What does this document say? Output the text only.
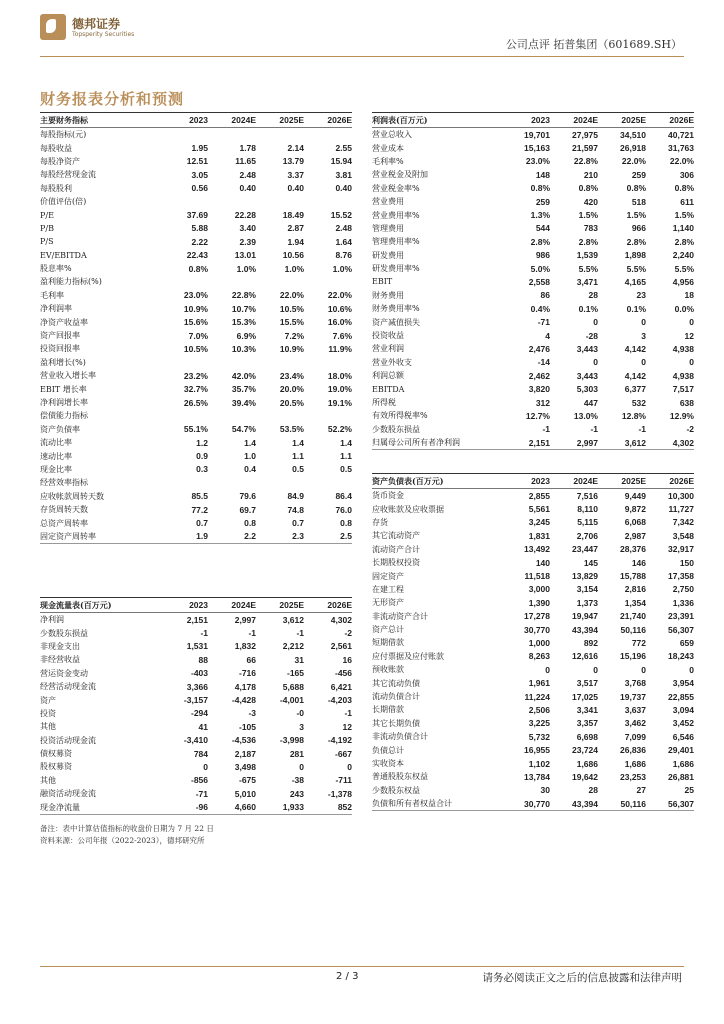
德邦证券
Topsperity Securities
公司点评 拓普集团（601689.SH）
财务报表分析和预测
主要财务指标	2023	2024E	2025E	2026E
每股指标(元)				
每股收益	1.95	1.78	2.14	2.55
每股净资产	12.51	11.65	13.79	15.94
每股经营现金流	3.05	2.48	3.37	3.81
每股股利	0.56	0.40	0.40	0.40
价值评估(倍)				
P/E	37.69	22.28	18.49	15.52
P/B	5.88	3.40	2.87	2.48
P/S	2.22	2.39	1.94	1.64
EV/EBITDA	22.43	13.01	10.56	8.76
股息率%	0.8%	1.0%	1.0%	1.0%
盈利能力指标(%)				
毛利率	23.0%	22.8%	22.0%	22.0%
净利润率	10.9%	10.7%	10.5%	10.6%
净资产收益率	15.6%	15.3%	15.5%	16.0%
资产回报率	7.0%	6.9%	7.2%	7.6%
投资回报率	10.5%	10.3%	10.9%	11.9%
盈利增长(%)				
营业收入增长率	23.2%	42.0%	23.4%	18.0%
EBIT 增长率	32.7%	35.7%	20.0%	19.0%
净利润增长率	26.5%	39.4%	20.5%	19.1%
偿债能力指标				
资产负债率	55.1%	54.7%	53.5%	52.2%
流动比率	1.2	1.4	1.4	1.4
速动比率	0.9	1.0	1.1	1.1
现金比率	0.3	0.4	0.5	0.5
经营效率指标				
应收帐款周转天数	85.5	79.6	84.9	86.4
存货周转天数	77.2	69.7	74.8	76.0
总资产周转率	0.7	0.8	0.7	0.8
固定资产周转率	1.9	2.2	2.3	2.5
利润表(百万元)	2023	2024E	2025E	2026E
营业总收入	19,701	27,975	34,510	40,721
营业成本	15,163	21,597	26,918	31,763
毛利率%	23.0%	22.8%	22.0%	22.0%
营业税金及附加	148	210	259	306
营业税金率%	0.8%	0.8%	0.8%	0.8%
营业费用	259	420	518	611
营业费用率%	1.3%	1.5%	1.5%	1.5%
管理费用	544	783	966	1,140
管理费用率%	2.8%	2.8%	2.8%	2.8%
研发费用	986	1,539	1,898	2,240
研发费用率%	5.0%	5.5%	5.5%	5.5%
EBIT	2,558	3,471	4,165	4,956
财务费用	86	28	23	18
财务费用率%	0.4%	0.1%	0.1%	0.0%
资产减值损失	-71	0	0	0
投资收益	4	-28	3	12
营业利润	2,476	3,443	4,142	4,938
营业外收支	-14	0	0	0
利润总额	2,462	3,443	4,142	4,938
EBITDA	3,820	5,303	6,377	7,517
所得税	312	447	532	638
有效所得税率%	12.7%	13.0%	12.8%	12.9%
少数股东损益	-1	-1	-1	-2
归属母公司所有者净利润	2,151	2,997	3,612	4,302
现金流量表(百万元)	2023	2024E	2025E	2026E
净利润	2,151	2,997	3,612	4,302
少数股东损益	-1	-1	-1	-2
非现金支出	1,531	1,832	2,212	2,561
非经营收益	88	66	31	16
营运资金变动	-403	-716	-165	-456
经营活动现金流	3,366	4,178	5,688	6,421
资产	-3,157	-4,428	-4,001	-4,203
投资	-294	-3	-0	-1
其他	41	-105	3	12
投资活动现金流	-3,410	-4,536	-3,998	-4,192
债权募资	784	2,187	281	-667
股权募资	0	3,498	0	0
其他	-856	-675	-38	-711
融资活动现金流	-71	5,010	243	-1,378
现金净流量	-96	4,660	1,933	852
资产负债表(百万元)	2023	2024E	2025E	2026E
货币资金	2,855	7,516	9,449	10,300
应收账款及应收票据	5,561	8,110	9,872	11,727
存货	3,245	5,115	6,068	7,342
其它流动资产	1,831	2,706	2,987	3,548
流动资产合计	13,492	23,447	28,376	32,917
长期股权投资	140	145	146	150
固定资产	11,518	13,829	15,788	17,358
在建工程	3,000	3,154	2,816	2,750
无形资产	1,390	1,373	1,354	1,336
非流动资产合计	17,278	19,947	21,740	23,391
资产总计	30,770	43,394	50,116	56,307
短期借款	1,000	892	772	659
应付票据及应付账款	8,263	12,616	15,196	18,243
预收账款	0	0	0	0
其它流动负债	1,961	3,517	3,768	3,954
流动负债合计	11,224	17,025	19,737	22,855
长期借款	2,506	3,341	3,637	3,094
其它长期负债	3,225	3,357	3,462	3,452
非流动负债合计	5,732	6,698	7,099	6,546
负债总计	16,955	23,724	26,836	29,401
实收资本	1,102	1,686	1,686	1,686
普通股股东权益	13,784	19,642	23,253	26,881
少数股东权益	30	28	27	25
负债和所有者权益合计	30,770	43,394	50,116	56,307
备注：表中计算估值指标的收盘价日期为 7 月 22 日
资料来源：公司年报（2022-2023），德邦研究所
2 / 3	请务必阅读正文之后的信息披露和法律声明
